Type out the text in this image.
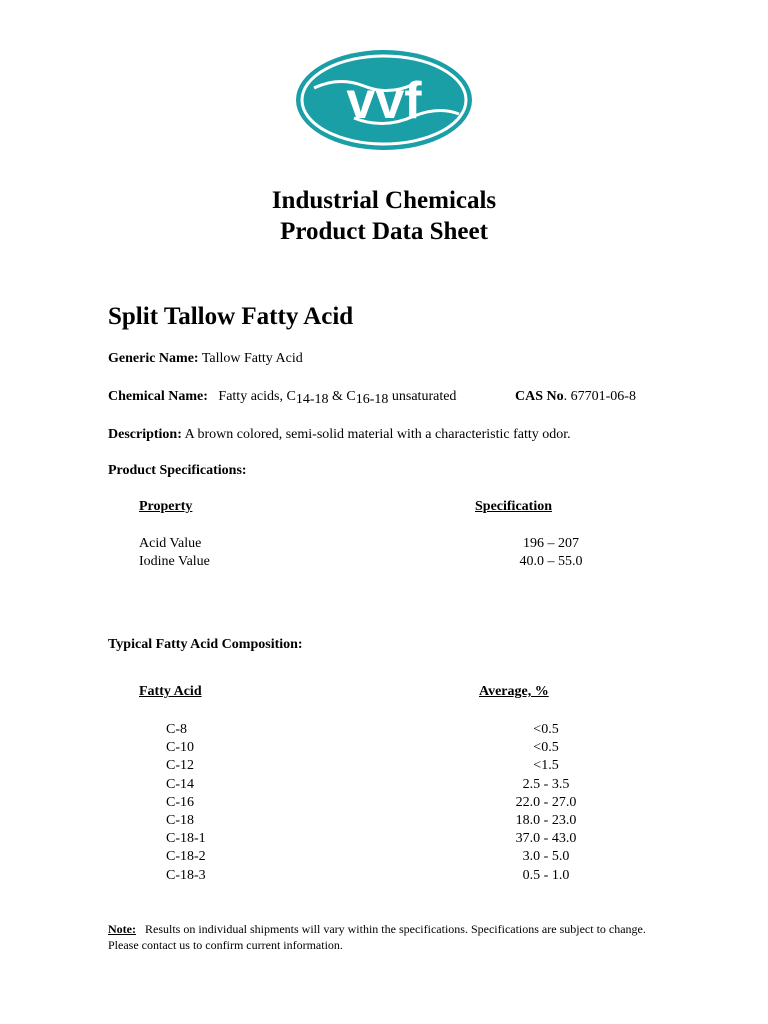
vvf
Industrial Chemicals
Product Data Sheet
Split Tallow Fatty Acid
Generic Name: Tallow Fatty Acid
Chemical Name: Fatty acids, C14-18 & C16-18 unsaturated	CAS No. 67701-06-8
Description: A brown colored, semi-solid material with a characteristic fatty odor.
Product Specifications:
Property	Specification
Acid Value	196 – 207
Iodine Value	40.0 – 55.0
Typical Fatty Acid Composition:
Fatty Acid	Average, %
C-8	<0.5
C-10	<0.5
C-12	<1.5
C-14	2.5 - 3.5
C-16	22.0 - 27.0
C-18	18.0 - 23.0
C-18-1	37.0 - 43.0
C-18-2	3.0 - 5.0
C-18-3	0.5 - 1.0
Note: Results on individual shipments will vary within the specifications. Specifications are subject to change. Please contact us to confirm current information.
